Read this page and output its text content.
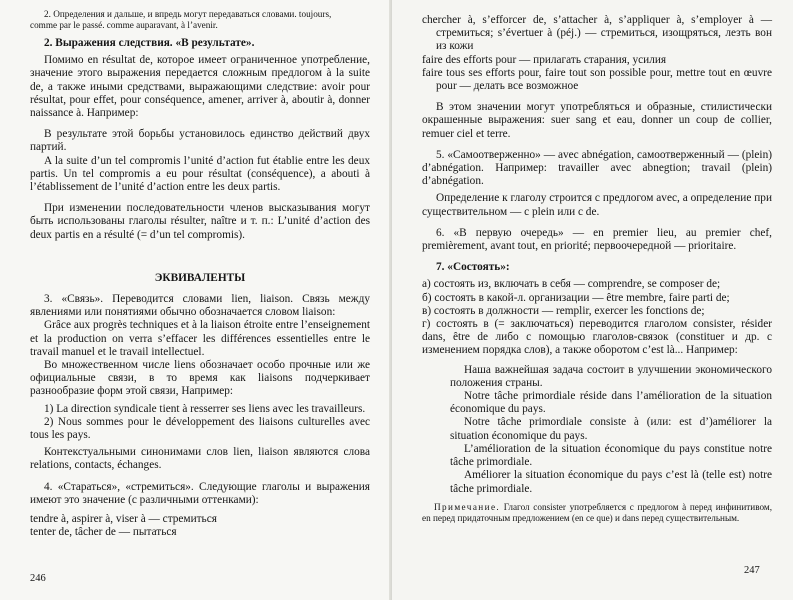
2. Определения и дальше, и впредь могут передаваться словами. toujours,

comme par le passé. comme auparavant, à l’avenir.

2. Выражения следствия. «В результате».

Помимо en résultat de, которое имеет ограниченное употребление, значение этого выражения передается сложным предлогом à la suite de, а также иными средствами, выражающими следствие: avoir pour résultat, pour effet, pour conséquence, amener, arriver à, aboutir à, donner naissance à. Например:

В результате этой борьбы установилось единство действий двух партий.

A la suite d’un tel compromis l’unité d’action fut établie entre les deux partis. Un tel compromis a eu pour résultat (conséquence), a abouti à l’établissement de l’unité d’action entre les deux partis.

При изменении последовательности членов высказывания могут быть использованы глаголы résulter, naître и т. п.: L’unité d’action des deux partis en a résulté (= d’un tel compromis).

ЭКВИВАЛЕНТЫ

3. «Связь». Переводится словами lien, liaison. Связь между явлениями или понятиями обычно обозначается словом liaison:

Grâce aux progrès techniques et à la liaison étroite entre l’enseignement et la production on verra s’effacer les différences essentielles entre le travail manuel et le travail intellectuel.

Во множественном числе liens обозначает особо прочные или же официальные связи, в то время как liaisons подчеркивает разнообразие форм этой связи, Например:

1) La direction syndicale tient à resserrer ses liens avec les travailleurs.

2) Nous sommes pour le développement des liaisons culturelles avec tous les pays.

Контекстуальными синонимами слов lien, liaison являются слова relations, contacts, échanges.

4. «Стараться», «стремиться». Следующие глаголы и выражения имеют это значение (с различными оттенками):

tendre à, aspirer à, viser à — стремиться

tenter de, tâcher de — пытаться

246

chercher à, s’efforcer de, s’attacher à, s’appliquer à, s’employer à — стремиться; s’évertuer à (péj.) — стремиться, изощряться, лезть вон из кожи

faire des efforts pour — прилагать старания, усилия

faire tous ses efforts pour, faire tout son possible pour, mettre tout en œuvre pour — делать все возможное

В этом значении могут употребляться и образные, стилистически окрашенные выражения: suer sang et eau, donner un coup de collier, remuer ciel et terre.

5. «Самоотверженно» — avec abnégation, самоотверженный — (plein) d’abnégation. Например: travailler avec abnegtion; travail (plein) d’abnégation.

Определение к глаголу строится с предлогом avec, а определение при существительном — с plein или с de.

6. «В первую очередь» — en premier lieu, au premier chef, premièrement, avant tout, en priorité; первоочередной — prioritaire.

7. «Состоять»:

а) состоять из, включать в себя — comprendre, se composer de;

б) состоять в какой-л. организации — être membre, faire parti de;

в) состоять в должности — remplir, exercer les fonctions de;

г) состоять в (= заключаться) переводится глаголом consister, résider dans, être de либо с помощью глаголов-связок (constituer и др. с изменением порядка слов), а также оборотом c’est là... Например:

Наша важнейшая задача состоит в улучшении экономического положения страны.

Notre tâche primordiale réside dans l’amélioration de la situation économique du pays.

Notre tâche primordiale consiste à (или: est d’)améliorer la situation économique du pays.

L’amélioration de la situation économique du pays constitue notre tâche primordiale.

Améliorer la situation économique du pays c’est là (telle est) notre tâche primordiale.

Примечание. Глагол consister употребляется с предлогом à перед инфинитивом, en перед придаточным предложением (en ce que) и dans перед существительным.

247
